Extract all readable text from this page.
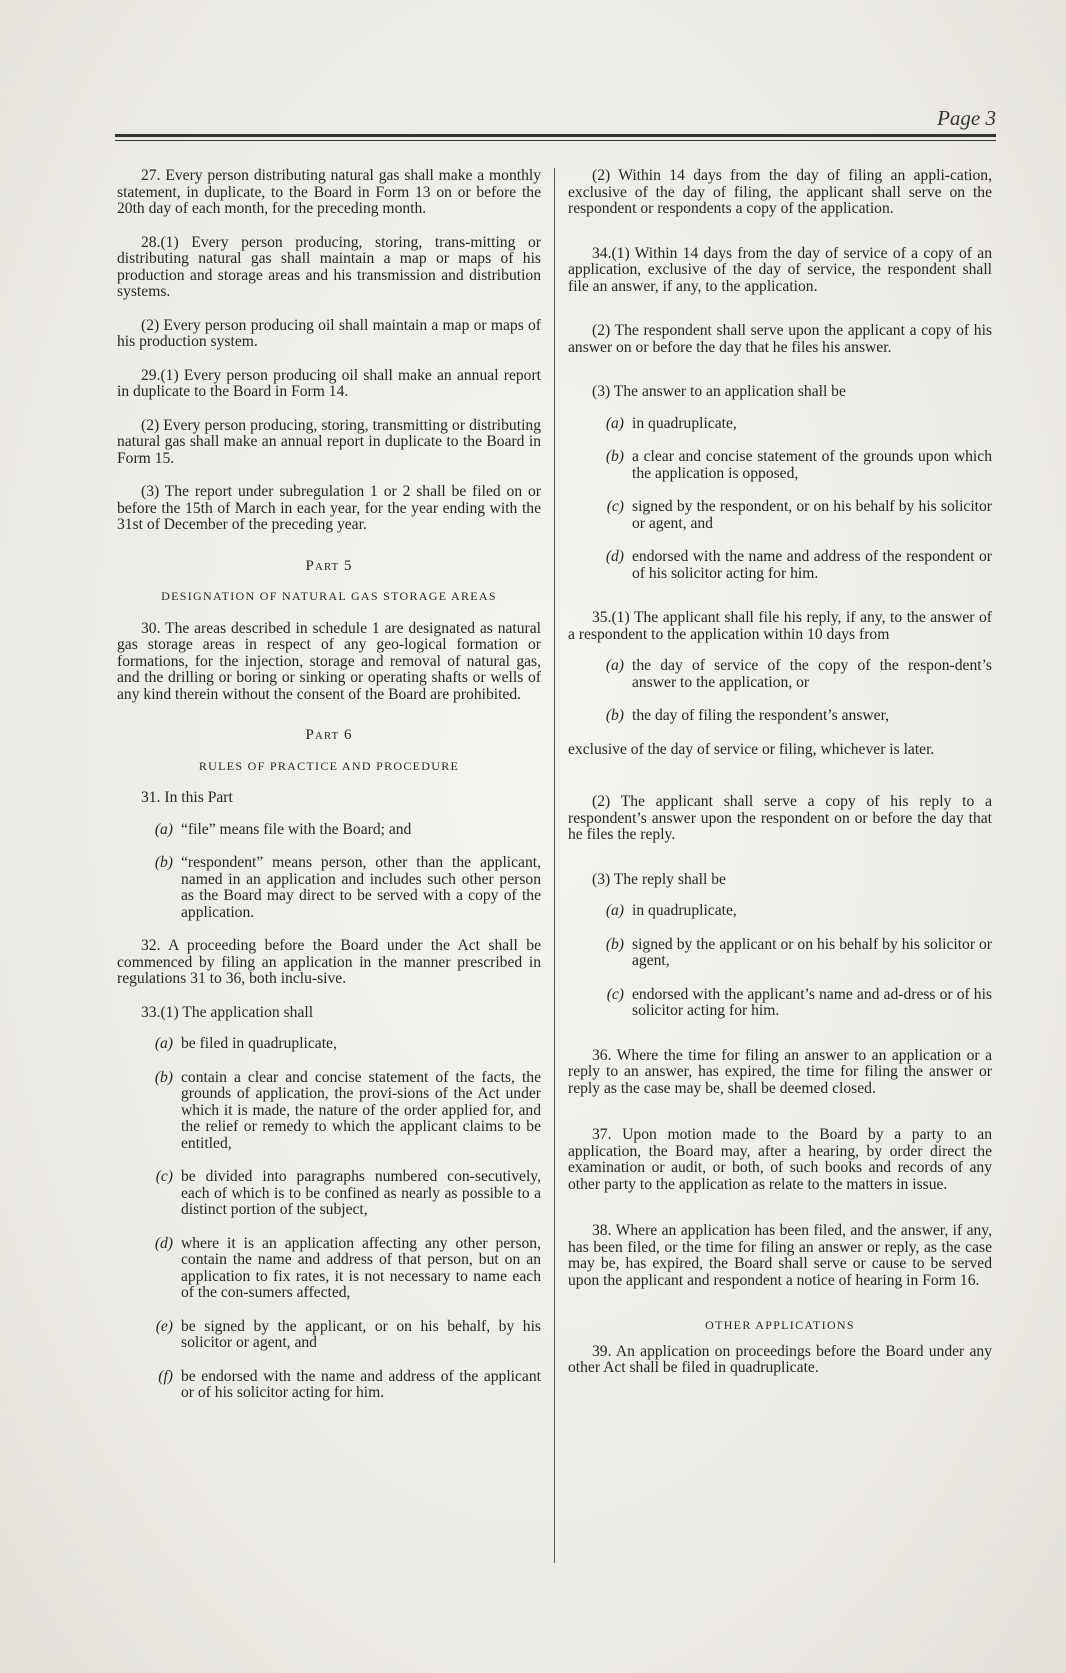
Page 3
27. Every person distributing natural gas shall make a monthly statement, in duplicate, to the Board in Form 13 on or before the 20th day of each month, for the preceding month.
28.(1) Every person producing, storing, trans-mitting or distributing natural gas shall maintain a map or maps of his production and storage areas and his transmission and distribution systems.
(2) Every person producing oil shall maintain a map or maps of his production system.
29.(1) Every person producing oil shall make an annual report in duplicate to the Board in Form 14.
(2) Every person producing, storing, transmitting or distributing natural gas shall make an annual report in duplicate to the Board in Form 15.
(3) The report under subregulation 1 or 2 shall be filed on or before the 15th of March in each year, for the year ending with the 31st of December of the preceding year.
Part 5
DESIGNATION OF NATURAL GAS STORAGE AREAS
30. The areas described in schedule 1 are designated as natural gas storage areas in respect of any geo-logical formation or formations, for the injection, storage and removal of natural gas, and the drilling or boring or sinking or operating shafts or wells of any kind therein without the consent of the Board are prohibited.
Part 6
RULES OF PRACTICE AND PROCEDURE
31. In this Part
(a) “file” means file with the Board; and
(b) “respondent” means person, other than the applicant, named in an application and includes such other person as the Board may direct to be served with a copy of the application.
32. A proceeding before the Board under the Act shall be commenced by filing an application in the manner prescribed in regulations 31 to 36, both inclu-sive.
33.(1) The application shall
(a) be filed in quadruplicate,
(b) contain a clear and concise statement of the facts, the grounds of application, the provi-sions of the Act under which it is made, the nature of the order applied for, and the relief or remedy to which the applicant claims to be entitled,
(c) be divided into paragraphs numbered con-secutively, each of which is to be confined as nearly as possible to a distinct portion of the subject,
(d) where it is an application affecting any other person, contain the name and address of that person, but on an application to fix rates, it is not necessary to name each of the con-sumers affected,
(e) be signed by the applicant, or on his behalf, by his solicitor or agent, and
(f) be endorsed with the name and address of the applicant or of his solicitor acting for him.
(2) Within 14 days from the day of filing an appli-cation, exclusive of the day of filing, the applicant shall serve on the respondent or respondents a copy of the application.
34.(1) Within 14 days from the day of service of a copy of an application, exclusive of the day of service, the respondent shall file an answer, if any, to the application.
(2) The respondent shall serve upon the applicant a copy of his answer on or before the day that he files his answer.
(3) The answer to an application shall be
(a) in quadruplicate,
(b) a clear and concise statement of the grounds upon which the application is opposed,
(c) signed by the respondent, or on his behalf by his solicitor or agent, and
(d) endorsed with the name and address of the respondent or of his solicitor acting for him.
35.(1) The applicant shall file his reply, if any, to the answer of a respondent to the application within 10 days from
(a) the day of service of the copy of the respon-dent’s answer to the application, or
(b) the day of filing the respondent’s answer,
exclusive of the day of service or filing, whichever is later.
(2) The applicant shall serve a copy of his reply to a respondent’s answer upon the respondent on or before the day that he files the reply.
(3) The reply shall be
(a) in quadruplicate,
(b) signed by the applicant or on his behalf by his solicitor or agent,
(c) endorsed with the applicant’s name and ad-dress or of his solicitor acting for him.
36. Where the time for filing an answer to an application or a reply to an answer, has expired, the time for filing the answer or reply as the case may be, shall be deemed closed.
37. Upon motion made to the Board by a party to an application, the Board may, after a hearing, by order direct the examination or audit, or both, of such books and records of any other party to the application as relate to the matters in issue.
38. Where an application has been filed, and the answer, if any, has been filed, or the time for filing an answer or reply, as the case may be, has expired, the Board shall serve or cause to be served upon the applicant and respondent a notice of hearing in Form 16.
OTHER APPLICATIONS
39. An application on proceedings before the Board under any other Act shall be filed in quadruplicate.
